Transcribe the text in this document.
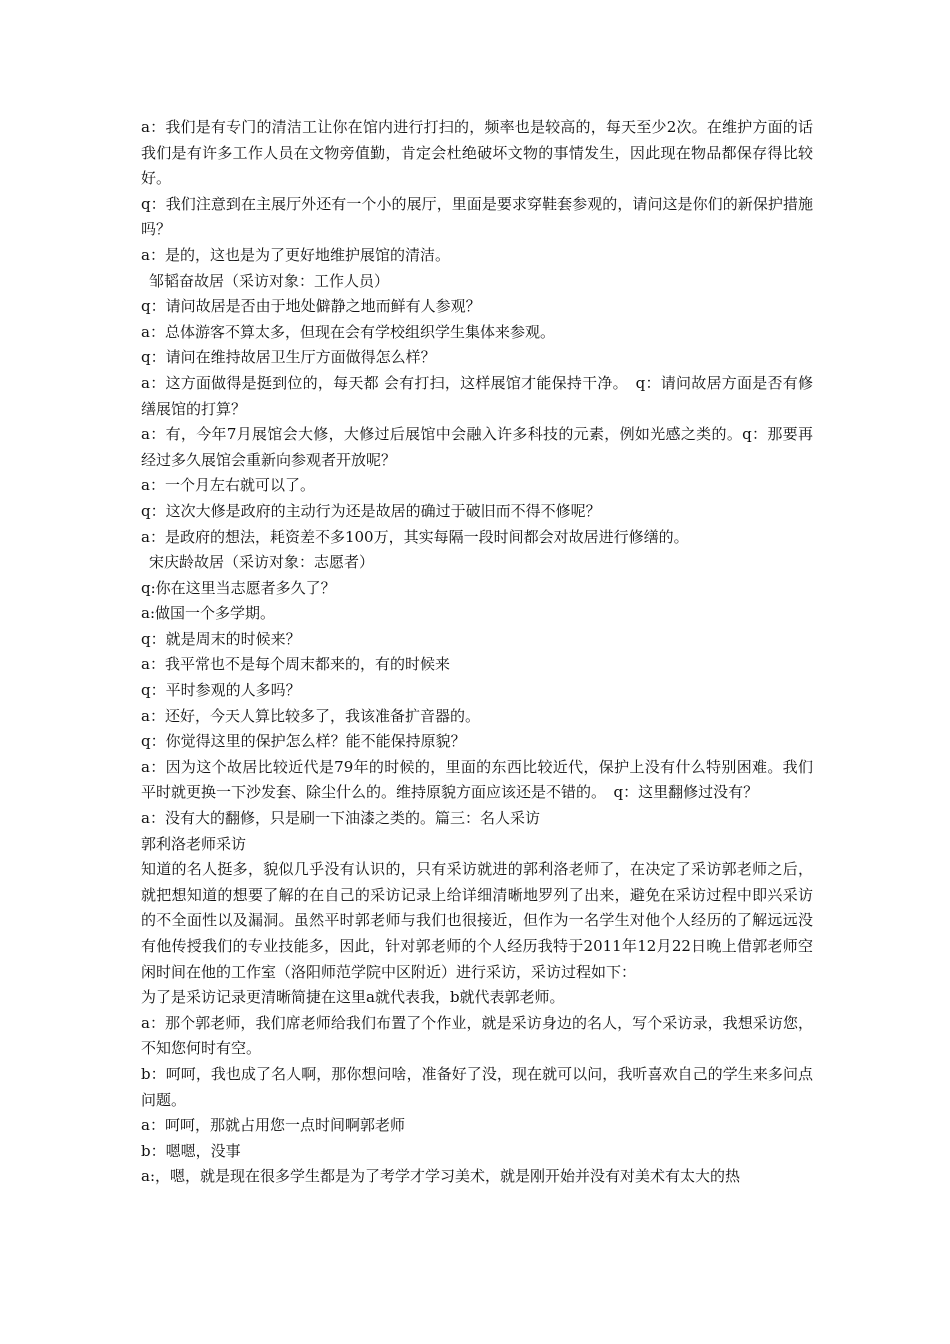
a：我们是有专门的清洁工让你在馆内进行打扫的，频率也是较高的，每天至少2次。在维护方面的话我们是有许多工作人员在文物旁值勤，肯定会杜绝破坏文物的事情发生，因此现在物品都保存得比较好。

q：我们注意到在主展厅外还有一个小的展厅，里面是要求穿鞋套参观的，请问这是你们的新保护措施吗？

a：是的，这也是为了更好地维护展馆的清洁。

邹韬奋故居（采访对象：工作人员）

q：请问故居是否由于地处僻静之地而鲜有人参观？

a：总体游客不算太多，但现在会有学校组织学生集体来参观。

q：请问在维持故居卫生厅方面做得怎么样？

a：这方面做得是挺到位的，每天都 会有打扫，这样展馆才能保持干净。　q：请问故居方面是否有修缮展馆的打算？

a：有，今年7月展馆会大修，大修过后展馆中会融入许多科技的元素，例如光感之类的。q：那要再经过多久展馆会重新向参观者开放呢？

a：一个月左右就可以了。

q：这次大修是政府的主动行为还是故居的确过于破旧而不得不修呢？

a：是政府的想法，耗资差不多100万，其实每隔一段时间都会对故居进行修缮的。

宋庆龄故居（采访对象：志愿者）

q:你在这里当志愿者多久了？

a:做国一个多学期。

q：就是周末的时候来？

a：我平常也不是每个周末都来的，有的时候来

q：平时参观的人多吗？

a：还好，今天人算比较多了，我该准备扩音器的。

q：你觉得这里的保护怎么样？能不能保持原貌？

a：因为这个故居比较近代是79年的时候的，里面的东西比较近代，保护上没有什么特别困难。我们平时就更换一下沙发套、除尘什么的。维持原貌方面应该还是不错的。　q：这里翻修过没有？

a：没有大的翻修，只是刷一下油漆之类的。篇三：名人采访

郭利洛老师采访

知道的名人挺多，貌似几乎没有认识的，只有采访就进的郭利洛老师了，在决定了采访郭老师之后，就把想知道的想要了解的在自己的采访记录上给详细清晰地罗列了出来，避免在采访过程中即兴采访的不全面性以及漏洞。虽然平时郭老师与我们也很接近，但作为一名学生对他个人经历的了解远远没有他传授我们的专业技能多，因此，针对郭老师的个人经历我特于2011年12月22日晚上借郭老师空闲时间在他的工作室（洛阳师范学院中区附近）进行采访，采访过程如下：

为了是采访记录更清晰简捷在这里a就代表我，b就代表郭老师。

a：那个郭老师，我们席老师给我们布置了个作业，就是采访身边的名人，写个采访录，我想采访您，不知您何时有空。

b：呵呵，我也成了名人啊，那你想问啥，准备好了没，现在就可以问，我听喜欢自己的学生来多问点问题。

a：呵呵，那就占用您一点时间啊郭老师

b：嗯嗯，没事

a:，嗯，就是现在很多学生都是为了考学才学习美术，就是刚开始并没有对美术有太大的热
